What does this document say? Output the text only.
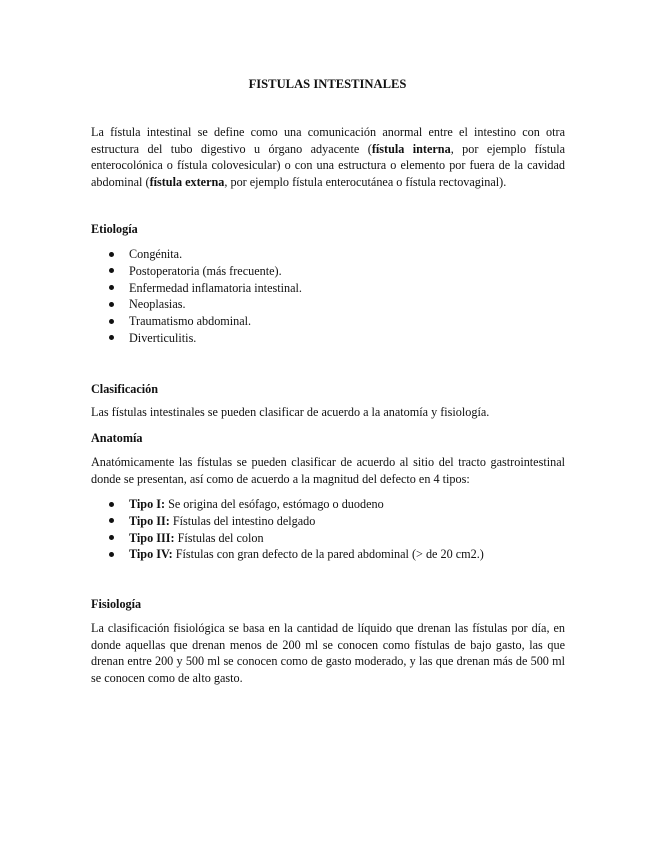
FISTULAS INTESTINALES

La fístula intestinal se define como una comunicación anormal entre el intestino con otra estructura del tubo digestivo u órgano adyacente (fístula interna, por ejemplo fístula enterocolónica o fístula colovesicular) o con una estructura o elemento por fuera de la cavidad abdominal (fístula externa, por ejemplo fístula enterocutánea o fístula rectovaginal).

Etiología
Congénita.
Postoperatoria (más frecuente).
Enfermedad inflamatoria intestinal.
Neoplasias.
Traumatismo abdominal.
Diverticulitis.
Clasificación
Las fístulas intestinales se pueden clasificar de acuerdo a la anatomía y fisiología.
Anatomía

Anatómicamente las fístulas se pueden clasificar de acuerdo al sitio del tracto gastrointestinal donde se presentan, así como de acuerdo a la magnitud del defecto en 4 tipos:

Tipo I: Se origina del esófago, estómago o duodeno
Tipo II: Fístulas del intestino delgado
Tipo III: Fístulas del colon
Tipo IV: Fístulas con gran defecto de la pared abdominal (> de 20 cm2.)
Fisiología

La clasificación fisiológica se basa en la cantidad de líquido que drenan las fístulas por día, en donde aquellas que drenan menos de 200 ml se conocen como fístulas de bajo gasto, las que drenan entre 200 y 500 ml se conocen como de gasto moderado, y las que drenan más de 500 ml se conocen como de alto gasto.
